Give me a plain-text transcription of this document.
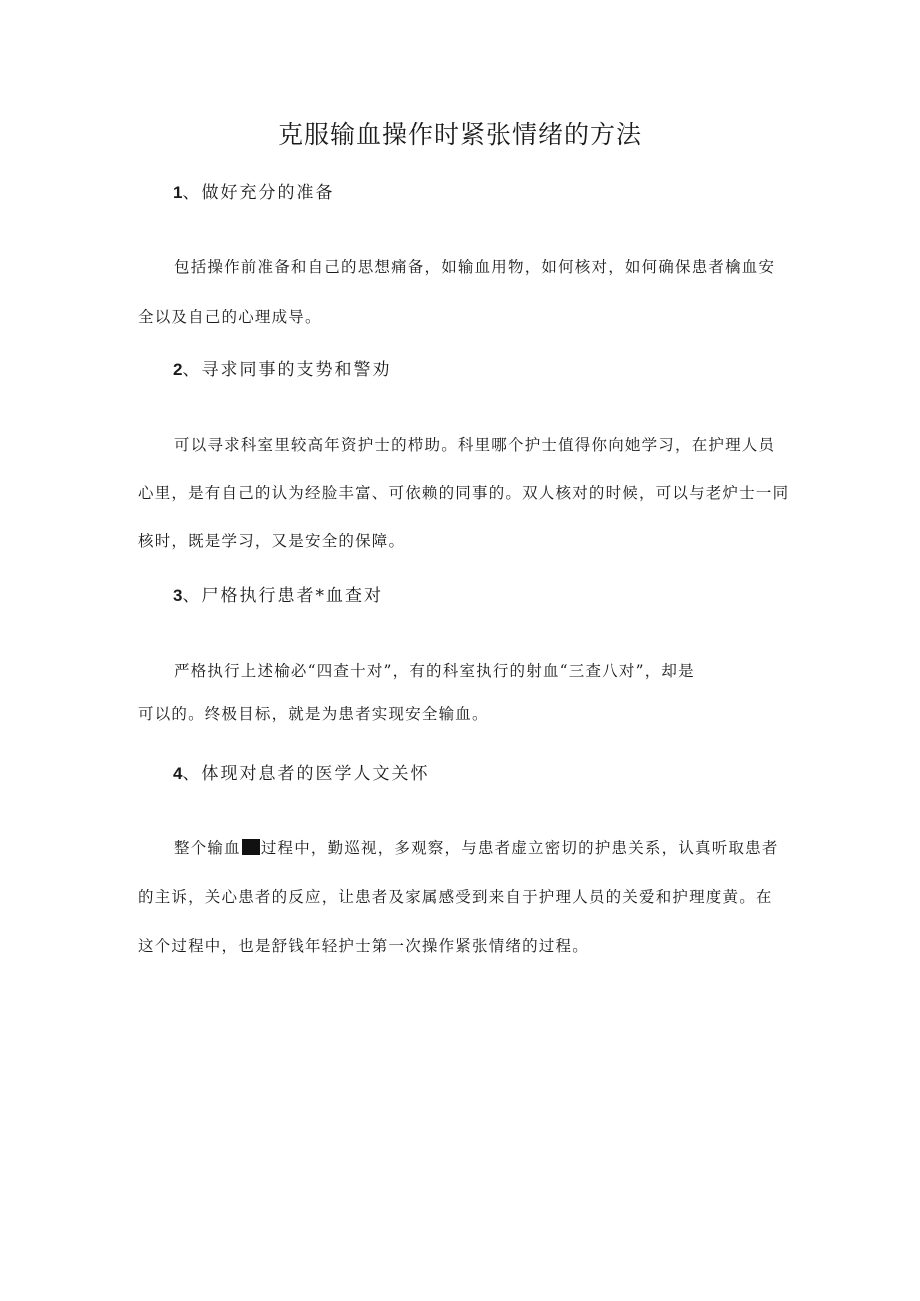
克服输血操作时紧张情绪的方法
1、做好充分的准备
包括操作前准备和自己的思想痛备，如输血用物，如何核对，如何确保患者檎血安
全以及自己的心理成导。
2、寻求同事的支势和警劝
可以寻求科室里较高年资护士的栉助。科里哪个护士值得你向她学习，在护理人员
心里，是有自己的认为经脸丰富、可依赖的同事的。双人核对的时候，可以与老炉士一同
核时，既是学习，又是安全的保障。
3、尸格执行患者*血查对
严格执行上述榆必“四查十对”，有的科室执行的射血“三查八对”，却是
可以的。终极目标，就是为患者实现安全输血。
4、体现对息者的医学人文关怀
整个输血 过程中，勤巡视，多观察，与患者虚立密切的护患关系，认真听取患者
的主诉，关心患者的反应，让患者及家属感受到来自于护理人员的关爱和护理度黄。在
这个过程中，也是舒钱年轻护士第一次操作紧张情绪的过程。
